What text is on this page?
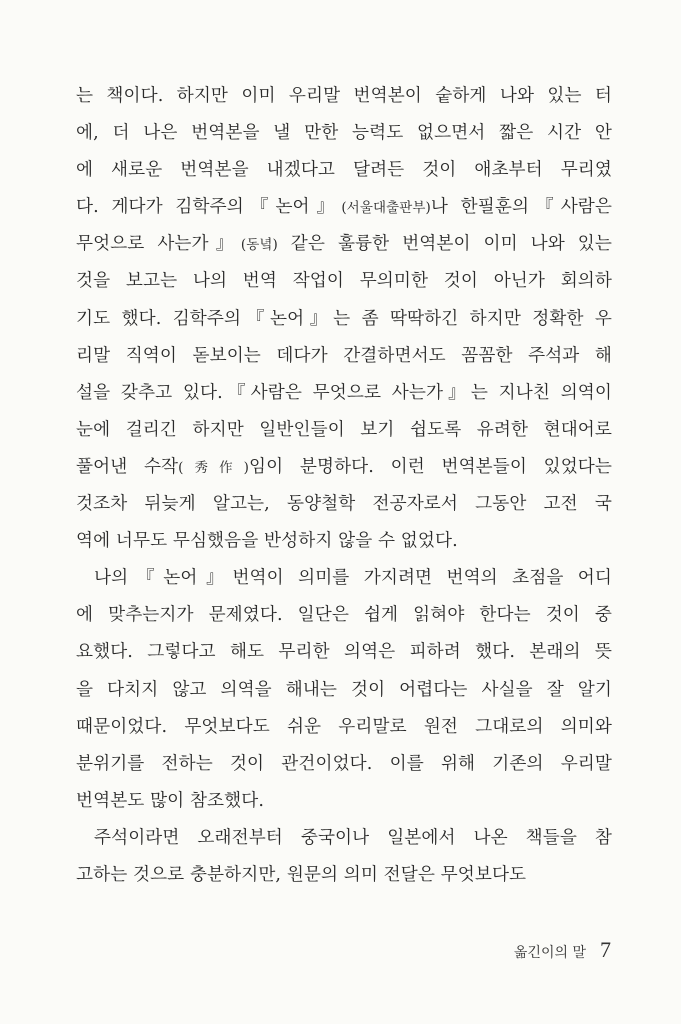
는 책이다. 하지만 이미 우리말 번역본이 숱하게 나와 있는 터
에, 더 나은 번역본을 낼 만한 능력도 없으면서 짧은 시간 안
에 새로운 번역본을 내겠다고 달려든 것이 애초부터 무리였
다. 게다가 김학주의『논어』(서울대출판부)나 한필훈의『사람은
무엇으로 사는가』(동녘) 같은 훌륭한 번역본이 이미 나와 있는
것을 보고는 나의 번역 작업이 무의미한 것이 아닌가 회의하
기도 했다. 김학주의『논어』는 좀 딱딱하긴 하지만 정확한 우
리말 직역이 돋보이는 데다가 간결하면서도 꼼꼼한 주석과 해
설을 갖추고 있다.『사람은 무엇으로 사는가』는 지나친 의역이
눈에 걸리긴 하지만 일반인들이 보기 쉽도록 유려한 현대어로
풀어낸 수작(秀作)임이 분명하다. 이런 번역본들이 있었다는
것조차 뒤늦게 알고는, 동양철학 전공자로서 그동안 고전 국
역에 너무도 무심했음을 반성하지 않을 수 없었다.
나의『논어』번역이 의미를 가지려면 번역의 초점을 어디
에 맞추는지가 문제였다. 일단은 쉽게 읽혀야 한다는 것이 중
요했다. 그렇다고 해도 무리한 의역은 피하려 했다. 본래의 뜻
을 다치지 않고 의역을 해내는 것이 어렵다는 사실을 잘 알기
때문이었다. 무엇보다도 쉬운 우리말로 원전 그대로의 의미와
분위기를 전하는 것이 관건이었다. 이를 위해 기존의 우리말
번역본도 많이 참조했다.
주석이라면 오래전부터 중국이나 일본에서 나온 책들을 참
고하는 것으로 충분하지만, 원문의 의미 전달은 무엇보다도
옮긴이의 말 7
